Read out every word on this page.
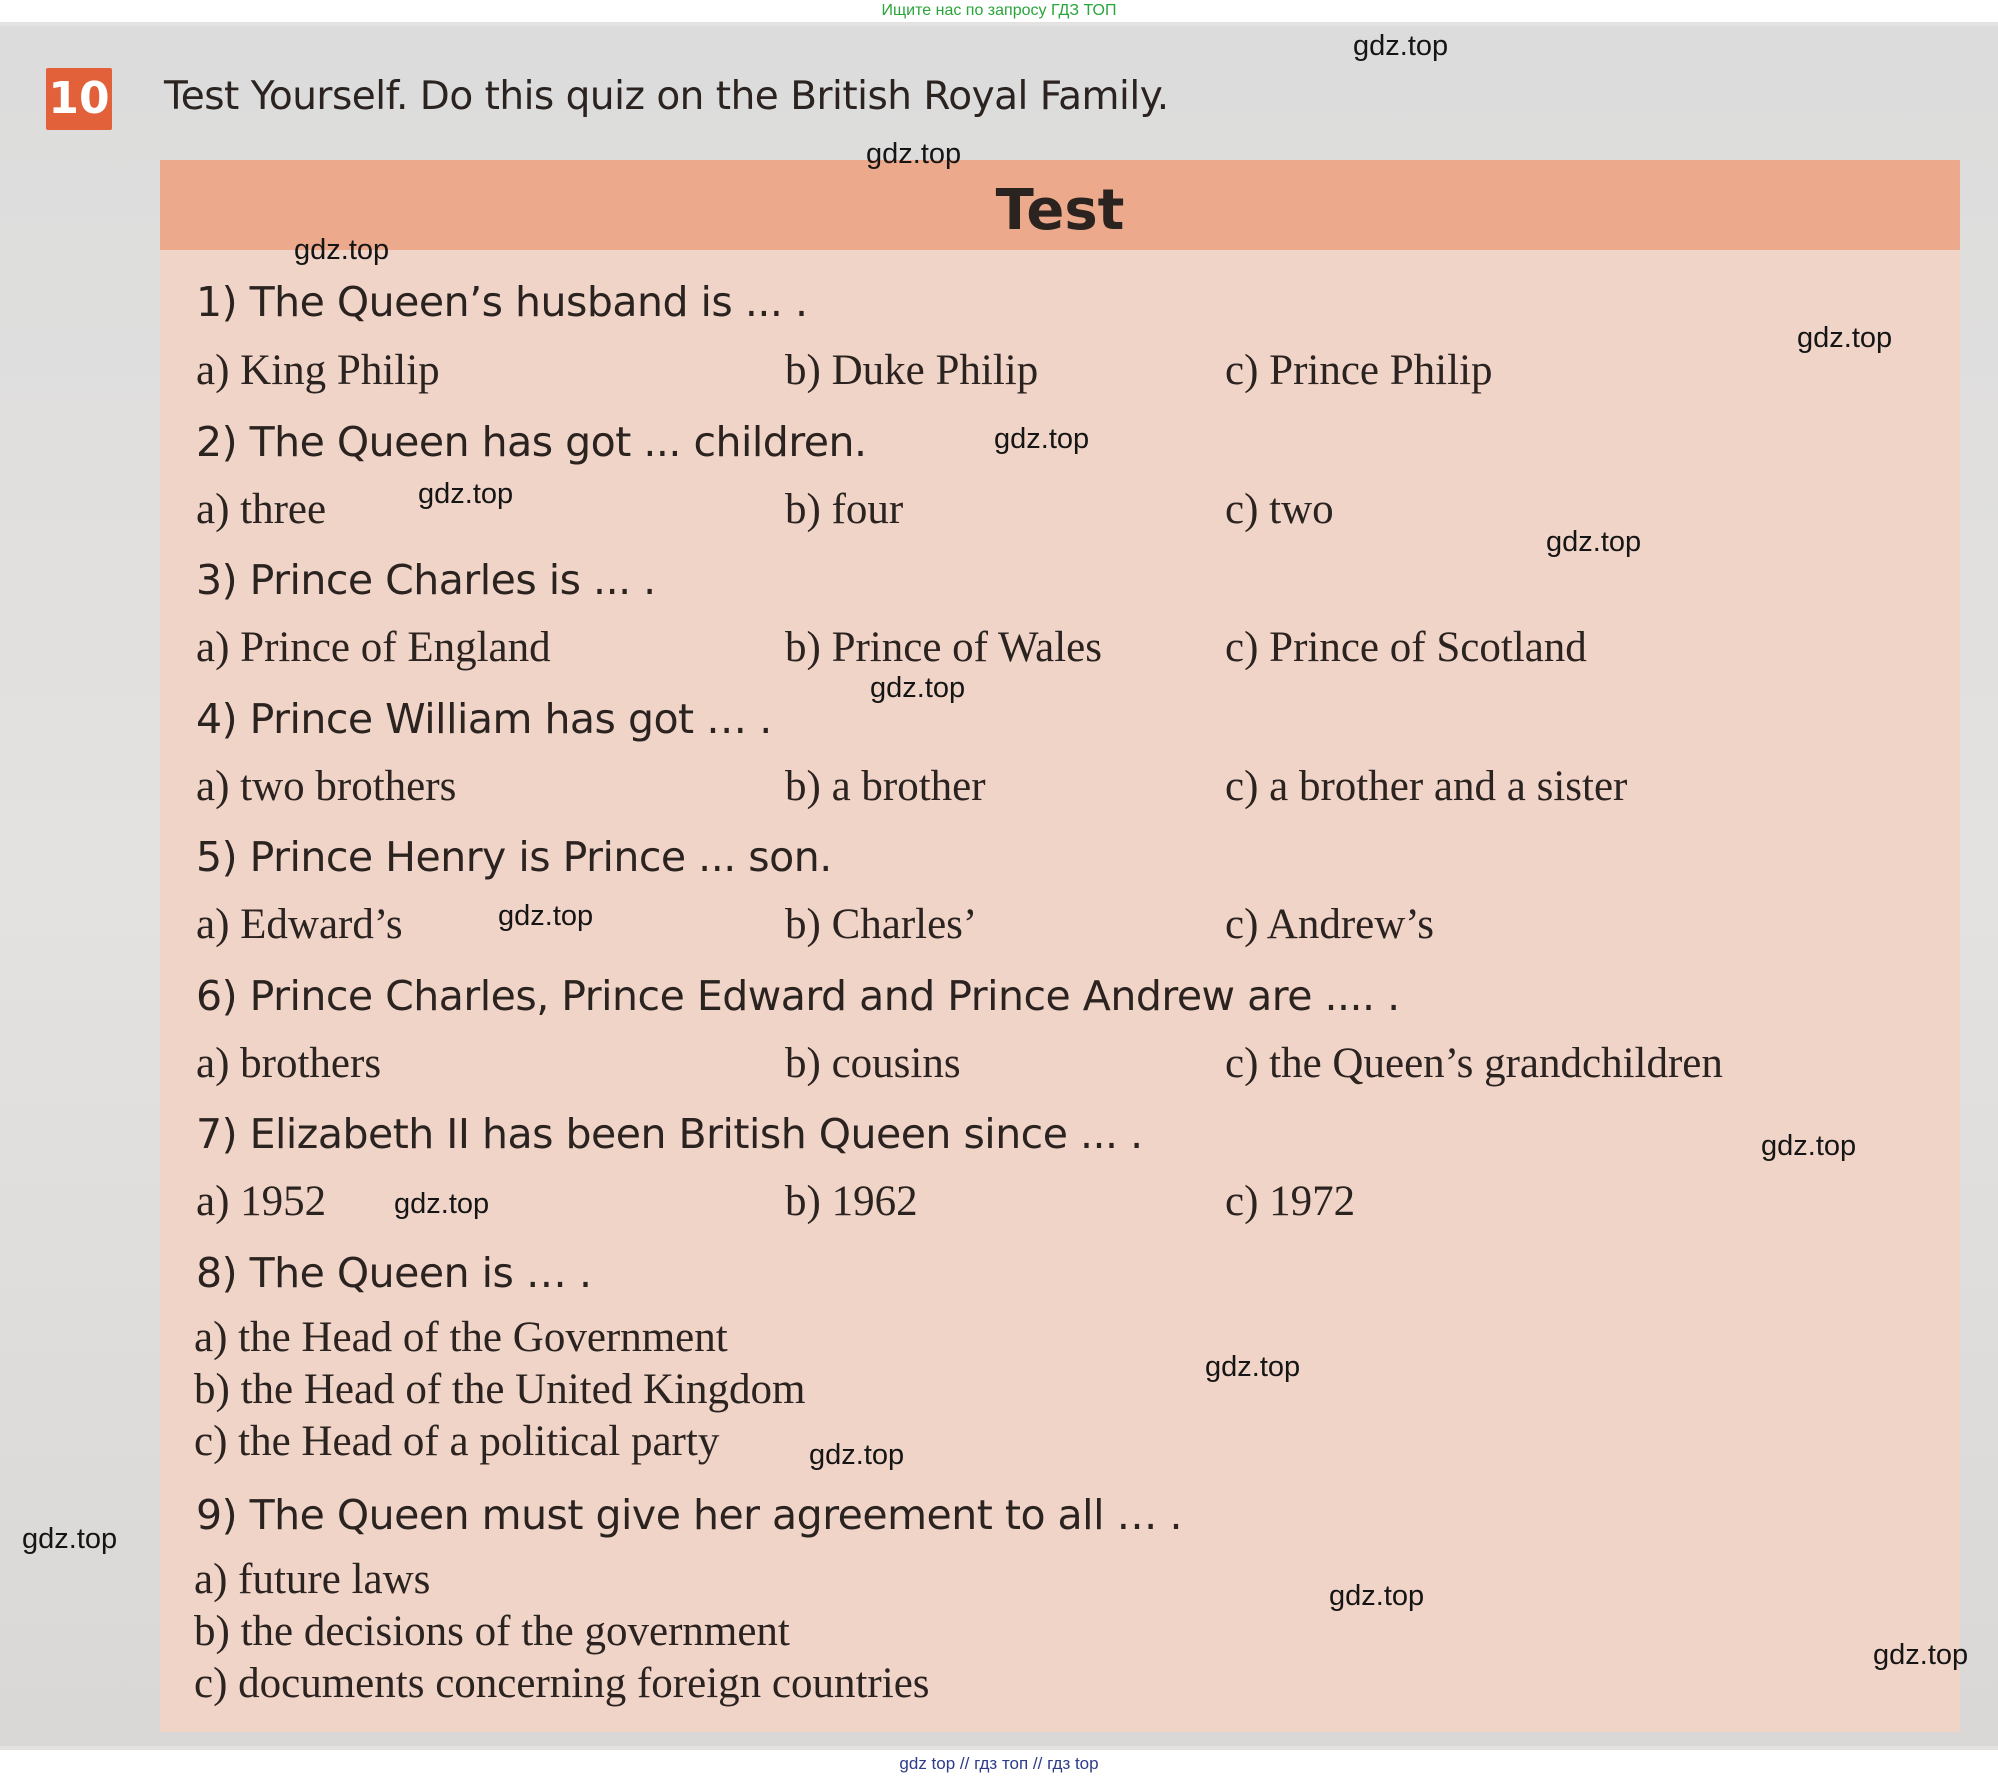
Ищите нас по запросу ГДЗ ТОП
10 Test Yourself. Do this quiz on the British Royal Family.
Test
1) The Queen’s husband is ... .
a) King Philip	b) Duke Philip	c) Prince Philip
2) The Queen has got ... children.
a) three	b) four	c) two
3) Prince Charles is ... .
a) Prince of England	b) Prince of Wales	c) Prince of Scotland
4) Prince William has got … .
a) two brothers	b) a brother	c) a brother and a sister
5) Prince Henry is Prince ... son.
a) Edward’s	b) Charles’	c) Andrew’s
6) Prince Charles, Prince Edward and Prince Andrew are .... .
a) brothers	b) cousins	c) the Queen’s grandchildren
7) Elizabeth II has been British Queen since ... .
a) 1952	b) 1962	c) 1972
8) The Queen is … .
a) the Head of the Government
b) the Head of the United Kingdom
c) the Head of a political party
9) The Queen must give her agreement to all … .
a) future laws
b) the decisions of the government
c) documents concerning foreign countries
gdz.top
gdz.top
gdz.top
gdz.top
gdz.top
gdz.top
gdz.top
gdz.top
gdz.top
gdz.top
gdz.top
gdz.top
gdz.top
gdz.top
gdz.top
gdz.top
gdz top // гдз топ // гдз top
